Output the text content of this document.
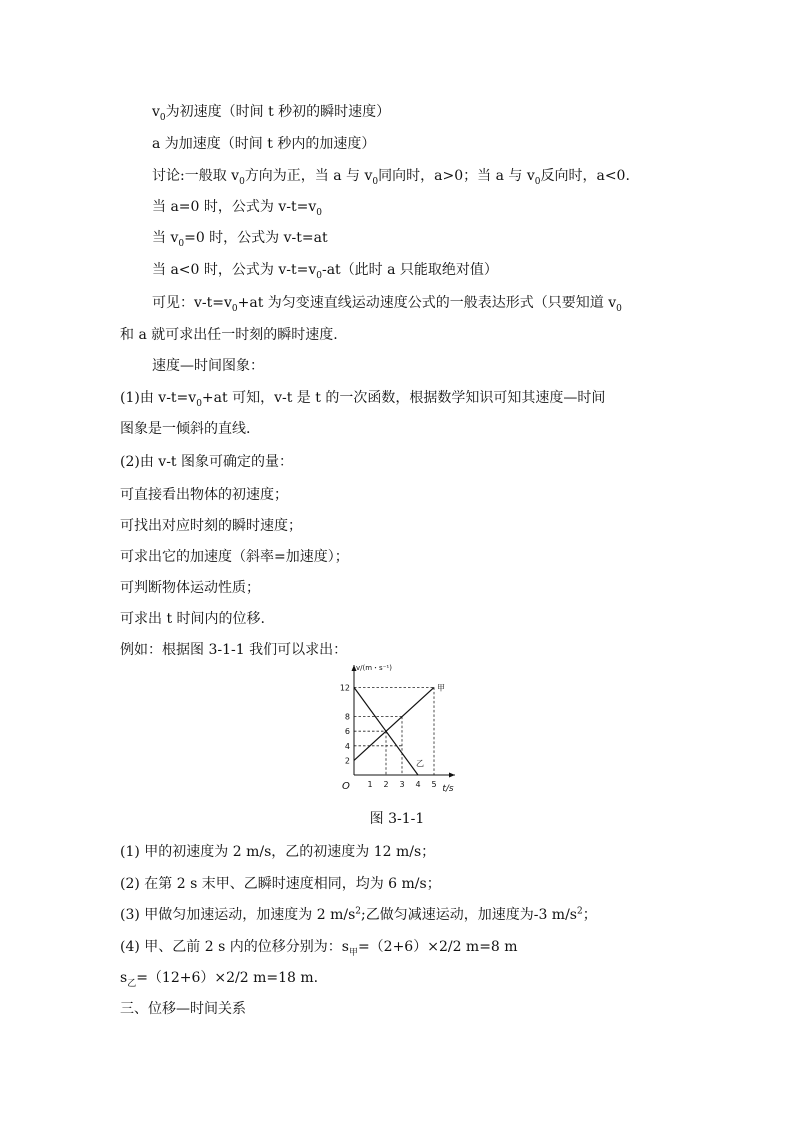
$v_0$为初速度（时间 t 秒初的瞬时速度）
a 为加速度（时间 t 秒内的加速度）
讨论:一般取 $v_0$方向为正，当 a 与 $v_0$同向时，a>0；当 a 与 $v_0$反向时，a<0.
当 a=0 时，公式为 $v-t=v_0$
当 $v_0=0$ 时，公式为 v-t=at
当 a<0 时，公式为 $v-t=v_0-at$（此时 a 只能取绝对值）
可见：$v-t=v_0+at$ 为匀变速直线运动速度公式的一般表达形式（只要知道 $v_0$
和 a 就可求出任一时刻的瞬时速度.
速度—时间图象：
(1)由 $v-t=v_0+at$ 可知，v-t 是 t 的一次函数，根据数学知识可知其速度—时间
图象是一倾斜的直线.
(2)由 v-t 图象可确定的量：
可直接看出物体的初速度；
可找出对应时刻的瞬时速度；
可求出它的加速度（斜率=加速度）；
可判断物体运动性质；
可求出 t 时间内的位移.
例如：根据图 3-1-1 我们可以求出：
1 2 3 4 5
2
4
6
8
12
O
v/(m・s⁻¹)
t/s
甲
乙
图 3-1-1
(1) 甲的初速度为 2 m/s，乙的初速度为 12 m/s；
(2) 在第 2 s 末甲、乙瞬时速度相同，均为 6 m/s；
(3) 甲做匀加速运动，加速度为 2 $m/s^2$;乙做匀减速运动，加速度为-3 $m/s^2$；
(4) 甲、乙前 2 s 内的位移分别为：$s_甲=(2+6)\times 2/2$ m=8 m
$s_乙=(12+6)\times 2/2$ m=18 m.
三、位移—时间关系
